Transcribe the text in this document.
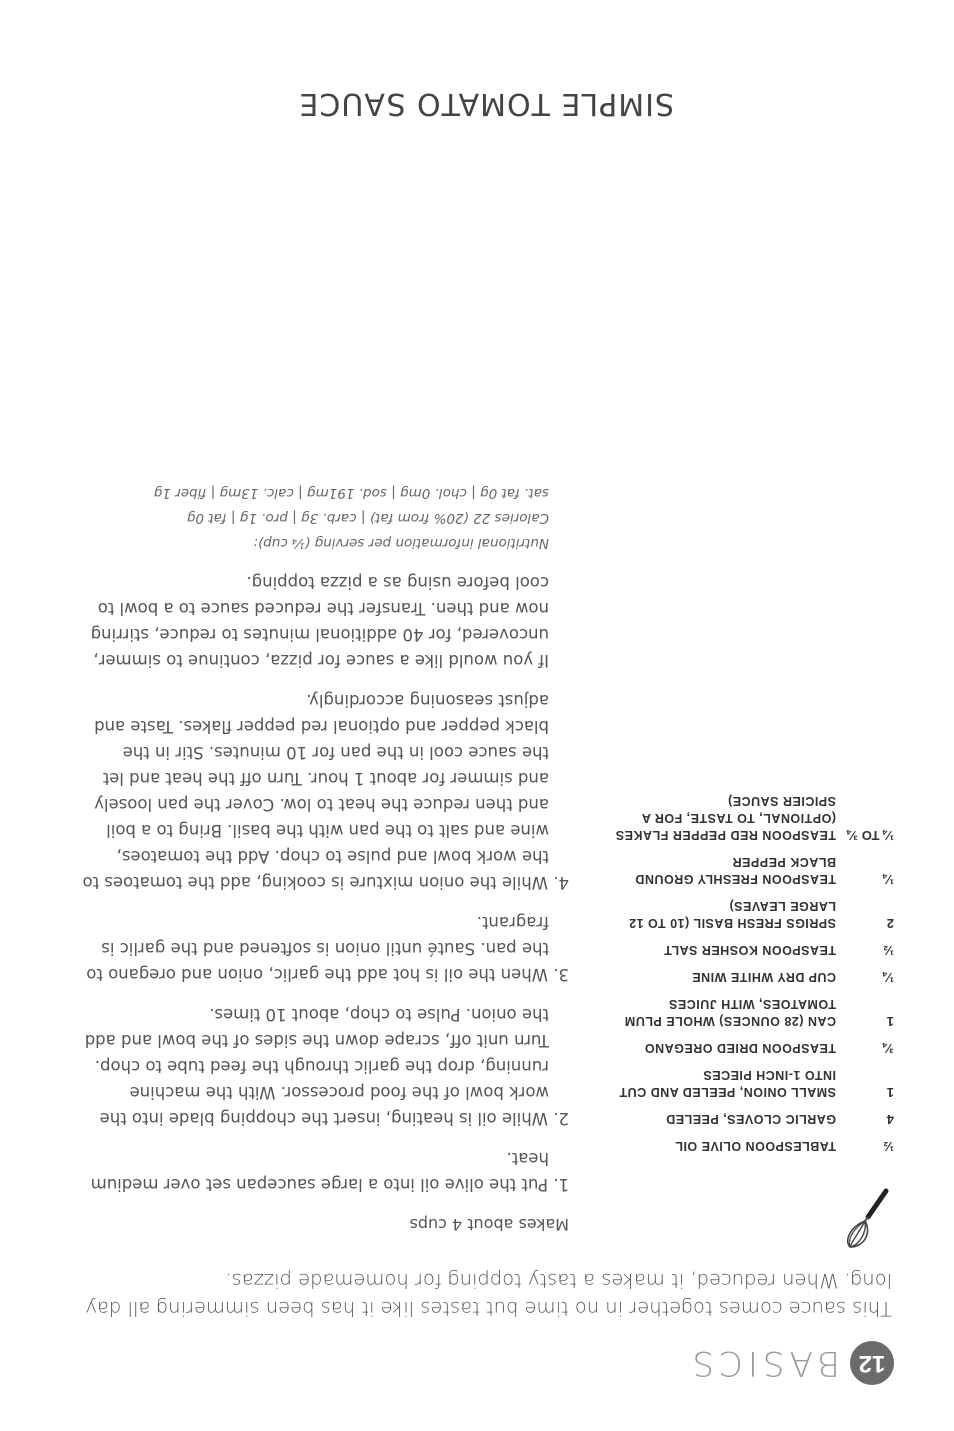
12
BASICS
SIMPLE TOMATO SAUCE
This sauce comes together in no time but tastes like it has been simmering all day long. When reduced, it makes a tasty topping for homemade pizzas.
½
TABLESPOON OLIVE OIL
4
GARLIC CLOVES, PEELED
1
SMALL ONION, PEELED AND CUT INTO 1-INCH PIECES
¾
TEASPOON DRIED OREGANO
1
CAN (28 OUNCES) WHOLE PLUM TOMATOES, WITH JUICES
¼
CUP DRY WHITE WINE
½
TEASPOON KOSHER SALT
2
SPRIGS FRESH BASIL (10 TO 12 LARGE LEAVES)
¼
TEASPOON FRESHLY GROUND BLACK PEPPER
¼ TO ¾
TEASPOON RED PEPPER FLAKES (OPTIONAL, TO TASTE, FOR A SPICIER SAUCE)
Makes about 4 cups
1. Put the olive oil into a large saucepan set over medium heat.
2. While oil is heating, insert the chopping blade into the work bowl of the food processor. With the machine running, drop the garlic through the feed tube to chop. Turn unit off, scrape down the sides of the bowl and add the onion. Pulse to chop, about 10 times.
3. When the oil is hot add the garlic, onion and oregano to the pan. Sauté until onion is softened and the garlic is fragrant.
4. While the onion mixture is cooking, add the tomatoes to the work bowl and pulse to chop. Add the tomatoes, wine and salt to the pan with the basil. Bring to a boil and then reduce the heat to low. Cover the pan loosely and simmer for about 1 hour. Turn off the heat and let the sauce cool in the pan for 10 minutes. Stir in the black pepper and optional red pepper flakes. Taste and adjust seasoning accordingly.
If you would like a sauce for pizza, continue to simmer, uncovered, for 40 additional minutes to reduce, stirring now and then. Transfer the reduced sauce to a bowl to cool before using as a pizza topping.
Nutritional information per serving (¼ cup):
Calories 22 (20% from fat) | carb. 3g | pro. 1g | fat 0g
sat. fat 0g | chol. 0mg | sod. 191mg | calc. 13mg | fiber 1g
